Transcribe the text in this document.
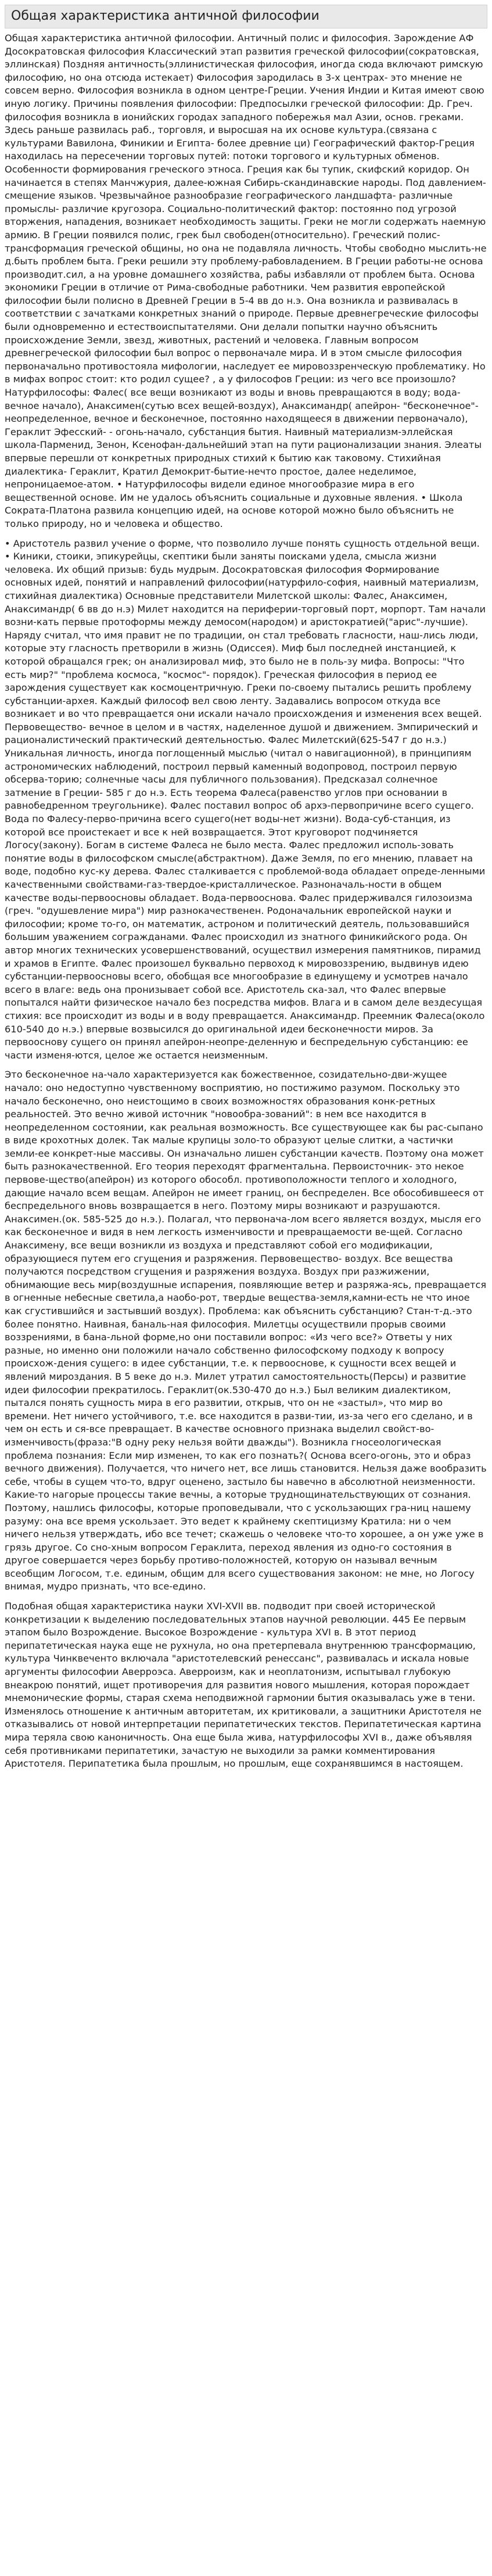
Общая характеристика античной философии

Общая характеристика античной философии. Античный полис и философия. Зарождение АФ Досократовская философия Классический этап развития греческой философии(сократовская, эллинская) Поздняя античность(эллинистическая философия, иногда сюда включают римскую философию, но она отсюда истекает) Философия зародилась в 3-х центрах- это мнение не совсем верно. Философия возникла в одном центре-Греции. Учения Индии и Китая имеют свою иную логику. Причины появления философии: Предпосылки греческой философии: Др. Греч. философия возникла в ионийских городах западного побережья мал Азии, основ. греками. Здесь раньше развилась раб., торговля, и выросшая на их основе культура.(связана с культурами Вавилона, Финикии и Египта- более древние ци) Географический фактор-Греция находилась на пересечении торговых путей: потоки торгового и культурных обменов. Особенности формирования греческого этноса. Греция как бы тупик, скифский коридор. Он начинается в степях Манчжурия, далее-южная Сибирь-скандинавские народы. Под давлением-смещение языков. Чрезвычайное разнообразие географического ландшафта- различные промыслы- различие кругозора. Социально-политический фактор: постоянно под угрозой вторжения, нападения, возникает необходимость защиты. Греки не могли содержать наемную армию. В Греции появился полис, грек был свободен(относительно). Греческий полис-трансформация греческой общины, но она не подавляла личность. Чтобы свободно мыслить-не д.быть проблем быта. Греки решили эту проблему-рабовладением. В Греции работы-не основа производит.сил, а на уровне домашнего хозяйства, рабы избавляли от проблем быта. Основа экономики Греции в отличие от Рима-свободные работники. Чем развития европейской философии были полисно в Древней Греции в 5-4 вв до н.э. Она возникла и развивалась в соответствии с зачатками конкретных знаний о природе. Первые древнегреческие философы были одновременно и естествоиспытателями. Они делали попытки научно объяснить происхождение Земли, звезд, животных, растений и человека. Главным вопросом древнегреческой философии был вопрос о первоначале мира. И в этом смысле философия первоначально противостояла мифологии, наследует ее мировоззренческую проблематику. Но в мифах вопрос стоит: кто родил сущее? , а у философов Греции: из чего все произошло? Натурфилософы: Фалес( все вещи возникают из воды и вновь превращаются в воду; вода-вечное начало), Анаксимен(сутью всех вещей-воздух), Анаксимандр( апейрон- "бесконечное"-неопределенное, вечное и бесконечное, постоянно находящееся в движении первоначало), Гераклит Эфесский- - огонь-начало, субстанция бытия. Наивный материализм-эллейская школа-Парменид, Зенон, Ксенофан-дальнейший этап на пути рационализации знания. Элеаты впервые перешли от конкретных природных стихий к бытию как таковому. Стихийная диалектика- Гераклит, Кратил Демокрит-бытие-нечто простое, далее неделимое, непроницаемое-атом. • Натурфилософы видели единое многообразие мира в его вещественной основе. Им не удалось объяснить социальные и духовные явления. • Школа Сократа-Платона развила концепцию идей, на основе которой можно было объяснить не только природу, но и человека и общество.

• Аристотель развил учение о форме, что позволило лучше понять сущность отдельной вещи. • Киники, стоики, эпикурейцы, скептики были заняты поисками удела, смысла жизни человека. Их общий призыв: будь мудрым. Досократовская философия Формирование основных идей, понятий и направлений философии(натурфило-софия, наивный материализм, стихийная диалектика) Основные представители Милетской школы: Фалес, Анаксимен, Анаксимандр( 6 вв до н.э) Милет находится на периферии-торговый порт, морпорт. Там начали возни-кать первые протоформы между демосом(народом) и аристократией("арис"-лучшие). Наряду считал, что имя правит не по традиции, он стал требовать гласности, наш-лись люди, которые эту гласность претворили в жизнь (Одиссея). Миф был последней инстанцией, к которой обращался грек; он анализировал миф, это было не в поль-зу мифа. Вопросы: "Что есть мир?" "проблема космоса, "космос"- порядок). Греческая философия в период ее зарождения существует как космоцентричную. Греки по-своему пытались решить проблему субстанции-архея. Каждый философ вел свою ленту. Задавались вопросом откуда все возникает и во что превращается они искали начало происхождения и изменения всех вещей. Первовещество- вечное в целом и в частях, наделенное душой и движением. Змпирический и рационалистический практический деятельностью. Фалес Милетский(625-547 г до н.э.) Уникальная личность, иногда поглощенный мыслью (читал о навигационной), в принципиям астрономических наблюдений, построил первый каменный водопровод, построил первую обсерва-торию; солнечные часы для публичного пользования). Предсказал солнечное затмение в Греции- 585 г до н.э. Есть теорема Фалеса(равенство углов при основании в равнобедренном треугольнике). Фалес поставил вопрос об архэ-первопричине всего сущего. Вода по Фалесу-перво-причина всего сущего(нет воды-нет жизни). Вода-суб-станция, из которой все проистекает и все к ней возвращается. Этот круговорот подчиняется Логосу(закону). Богам в системе Фалеса не было места. Фалес предложил исполь-зовать понятие воды в философском смысле(абстрактном). Даже Земля, по его мнению, плавает на воде, подобно кус-ку дерева. Фалес сталкивается с проблемой-вода обладает опреде-ленными качественными свойствами-газ-твердое-кристаллическое. Разноначаль-ности в общем качестве воды-первоосновы обладает. Вода-первооснова. Фалес придерживался гилозоизма (греч. "одушевление мира") мир разнокачественен. Родоначальник европейской науки и философии; кроме то-го, он математик, астроном и политический деятель, пользовавшийся большим уважением согражданами. Фалес происходил из знатного финикийского рода. Он автор многих технических усовершенствований, осуществил измерения памятников, пирамид и храмов в Египте. Фалес произошел буквально первоход к мировоззрению, выдвинув идею субстанции-первоосновы всего, обобщая все многообразие в единущему и усмотрев начало всего в влаге: ведь она пронизывает собой все. Аристотель ска-зал, что Фалес впервые попытался найти физическое начало без посредства мифов. Влага и в самом деле вездесущая стихия: все происходит из воды и в воду превращается. Анаксимандр. Преемник Фалеса(около 610-540 до н.э.) впервые возвысился до оригинальной идеи бесконечности миров. За первооснову сущего он принял апейрон-неопре-деленную и беспредельную субстанцию: ее части изменя-ются, целое же остается неизменным.

Это бесконечное на-чало характеризуется как божественное, созидательно-дви-жущее начало: оно недоступно чувственному восприятию, но постижимо разумом. Поскольку это начало бесконечно, оно неистощимо в своих возможностях образования конк-ретных реальностей. Это вечно живой источник "новообра-зований": в нем все находится в неопределенном состоянии, как реальная возможность. Все существующее как бы рас-сыпано в виде крохотных долек. Так малые крупицы золо-то образуют целые слитки, а частички земли-ее конкрет-ные массивы. Он изначально лишен субстанции качеств. Поэтому она может быть разнокачественной. Его теория переходят фрагментальна. Первоисточник- это некое первове-щество(апейрон) из которого обособл. противоположности теплого и холодного, дающие начало всем вещам. Апейрон не имеет границ, он беспределен. Все обособившееся от беспредельного вновь возвращается в него. Поэтому миры возникают и разрушаются. Анаксимен.(ок. 585-525 до н.э.). Полагал, что первонача-лом всего является воздух, мысля его как бесконечное и видя в нем легкость изменчивости и превращаемости ве-щей. Согласно Анаксимену, все вещи возникли из воздуха и представляют собой его модификации, образующиеся путем его сгущения и разряжения. Первовещество- воздух. Все вещества получаются посредством сгущения и разряжения воздуха. Воздух при разжижении, обнимающие весь мир(воздушные испарения, появляющие ветер и разряжа-ясь, превращается в огненные небесные светила,а наобо-рот, твердые вещества-земля,камни-есть не что иное как сгустившийся и застывший воздух). Проблема: как объяснить субстанцию? Стан-т-д.-это более понятно. Наивная, баналь-ная философия. Милетцы осуществили прорыв своими воззрениями, в бана-льной форме,но они поставили вопрос: «Из чего все?» Ответы у них разные, но именно они положили начало собственно философскому подходу к вопросу происхож-дения сущего: в идее субстанции, т.е. к первооснове, к сущности всех вещей и явлений мироздания. В 5 веке до н.э. Милет утратил самостоятельность(Персы) и развитие идеи философии прекратилось. Гераклит(ок.530-470 до н.э.) Был великим диалектиком, пытался понять сущность мира в его развитии, открыв, что он не «застыл», что мир во времени. Нет ничего устойчивого, т.е. все находится в разви-тии, из-за чего его сделано, и в чем он есть и ся-все превращает. В качестве основного признака выделил свойст-во-изменчивость(фраза:"В одну реку нельзя войти дважды"). Возникла гносеологическая проблема познания: Если мир изменен, то как его познать?( Основа всего-огонь, это и образ вечного движения). Получается, что ничего нет, все лишь становится. Нельзя даже вообразить себе, чтобы в сущем что-то, вдруг оценено, застыло бы навечно в абсолютной неизменности. Какие-то нагорые процессы такие вечны, а которые труднощинательствующих от сознания. Поэтому, нашлись философы, которые проповедывали, что с ускользающих гра-ниц нашему разуму: она все время ускользает. Это ведет к крайнему скептицизму Кратила: ни о чем ничего нельзя утверждать, ибо все течет; скажешь о человеке что-то хорошее, а он уже уже в грязь другое. Со сно-хным вопросом Гераклита, переход явления из одно-го состояния в другое совершается через борьбу противо-положностей, которую он называл вечным всеобщим Логосом, т.е. единым, общим для всего существования законом: не мне, но Логосу внимая, мудро признать, что все-едино.

Подобная общая характеристика науки XVI-XVII вв. подводит при своей исторической конкретизации к выделению последовательных этапов научной революции. 445 Ее первым этапом было Возрождение. Высокое Возрождение - культура XVI в. В этот период перипатетическая наука еще не рухнула, но она претерпевала внутреннюю трансформацию, культура Чинквеченто включала "аристотелевский ренессанс", развивалась и искала новые аргументы философии Аверроэса. Аверроизм, как и неоплатонизм, испытывал глубокую внеакрою понятий, ищет противоречия для развития нового мышления, которая порождает мнемонические формы, старая схема неподвижной гармонии бытия оказывалась уже в тени. Изменялось отношение к античным авторитетам, их критиковали, а защитники Аристотеля не отказывались от новой интерпретации перипатетических текстов. Перипатетическая картина мира теряла свою каноничность. Она еще была жива, натурфилософы XVI в., даже объявляя себя противниками перипатетики, зачастую не выходили за рамки комментирования Аристотеля. Перипатетика была прошлым, но прошлым, еще сохранявшимся в настоящем.
